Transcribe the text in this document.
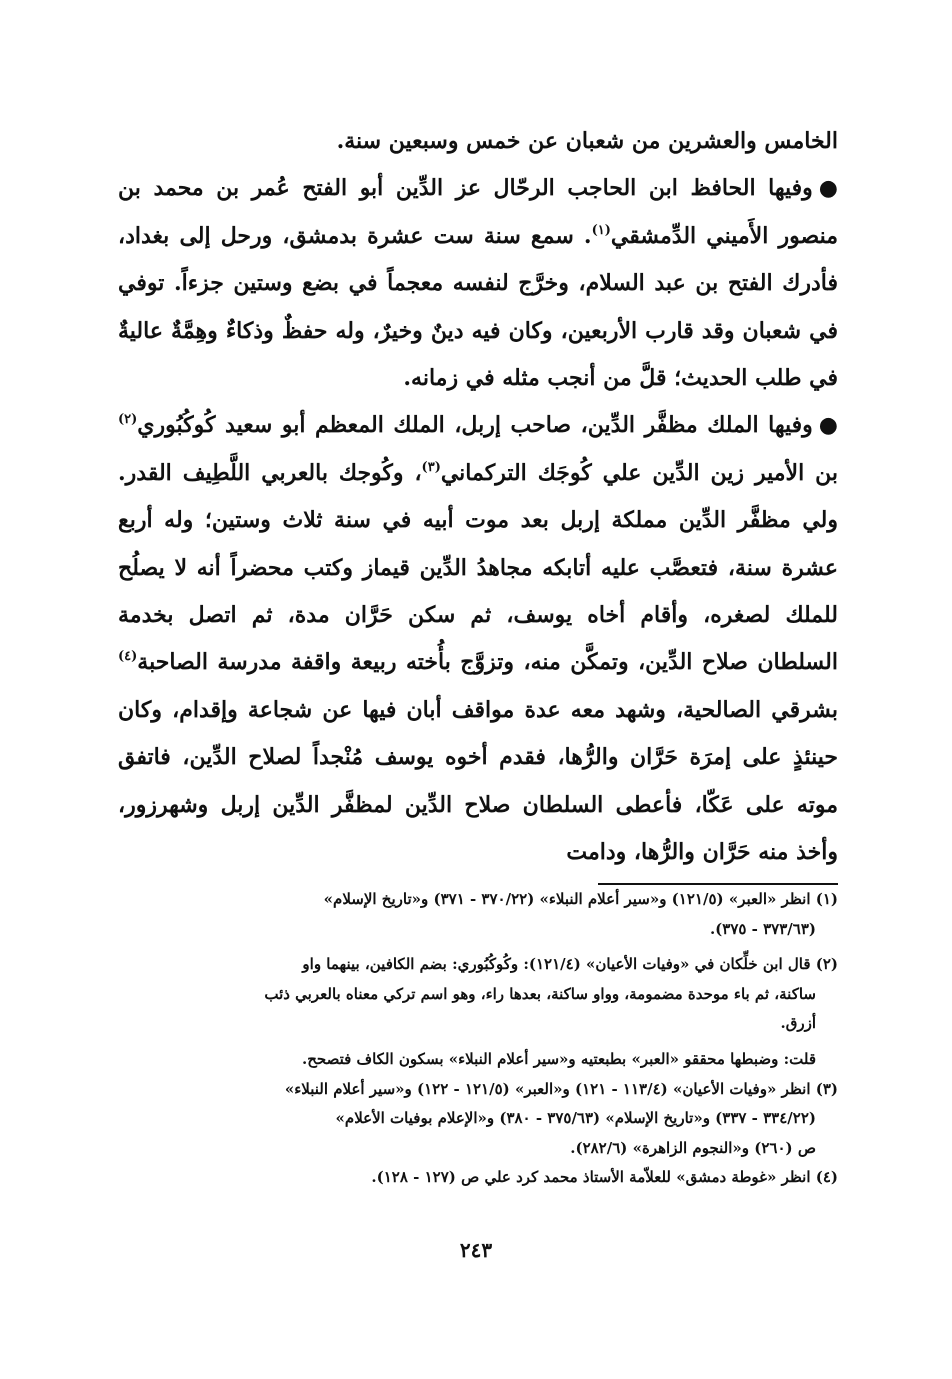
الخامس والعشرين من شعبان عن خمس وسبعين سنة.

●وفيها الحافظ ابن الحاجب الرحّال عز الدِّين أبو الفتح عُمر بن محمد بن منصور الأَميني الدِّمشقي$^{(١)}$. سمع سنة ست عشرة بدمشق، ورحل إلى بغداد، فأدرك الفتح بن عبد السلام، وخرَّج لنفسه معجماً في بضع وستين جزءاً. توفي في شعبان وقد قارب الأربعين، وكان فيه دينٌ وخيرٌ، وله حفظٌ وذكاءٌ وهِمَّةٌ عاليةٌ في طلب الحديث؛ قلَّ من أنجب مثله في زمانه.

●وفيها الملك مظفَّر الدِّين، صاحب إربل، الملك المعظم أبو سعيد كُوكُبُوري$^{(٢)}$ بن الأمير زين الدِّين علي كُوجَك التركماني$^{(٣)}$، وكُوجك بالعربي اللَّطِيف القدر. ولي مظفَّر الدِّين مملكة إربل بعد موت أبيه في سنة ثلاث وستين؛ وله أربع عشرة سنة، فتعصَّب عليه أتابكه مجاهدُ الدِّين قيماز وكتب محضراً أنه لا يصلُح للملك لصغره، وأقام أخاه يوسف، ثم سكن حَرَّان مدة، ثم اتصل بخدمة السلطان صلاح الدِّين، وتمكَّن منه، وتزوَّج بأُخته ربيعة واقفة مدرسة الصاحبة$^{(٤)}$ بشرقي الصالحية، وشهد معه عدة مواقف أبان فيها عن شجاعة وإقدام، وكان حينئذٍ على إمرَة حَرَّان والرُّها، فقدم أخوه يوسف مُنْجداً لصلاح الدِّين، فاتفق موته على عَكّا، فأعطى السلطان صلاح الدِّين لمظفَّر الدِّين إربل وشهرزور، وأخذ منه حَرَّان والرُّها، ودامت

(١) انظر «العبر» (١٢١/٥) و«سير أعلام النبلاء» (٣٧٠/٢٢ - ٣٧١) و«تاريخ الإسلام»

(٣٧٣/٦٣ - ٣٧٥).

(٢) قال ابن خلِّكان في «وفيات الأعيان» (١٢١/٤): وكُوكُبُوري: بضم الكافين، بينهما واو

ساكنة، ثم باء موحدة مضمومة، وواو ساكنة، بعدها راء، وهو اسم تركي معناه بالعربي ذئب

أزرق.

قلت: وضبطها محققو «العبر» بطبعتيه و«سير أعلام النبلاء» بسكون الكاف فتصحح.

(٣) انظر «وفيات الأعيان» (١١٣/٤ - ١٢١) و«العبر» (١٢١/٥ - ١٢٢) و«سير أعلام النبلاء»

(٣٣٤/٢٢ - ٣٣٧) و«تاريخ الإسلام» (٣٧٥/٦٣ - ٣٨٠) و«الإعلام بوفيات الأعلام»

ص (٢٦٠) و«النجوم الزاهرة» (٢٨٢/٦).

(٤) انظر «غوطة دمشق» للعلاّمة الأستاذ محمد كرد علي ص (١٢٧ - ١٢٨).

٢٤٣
